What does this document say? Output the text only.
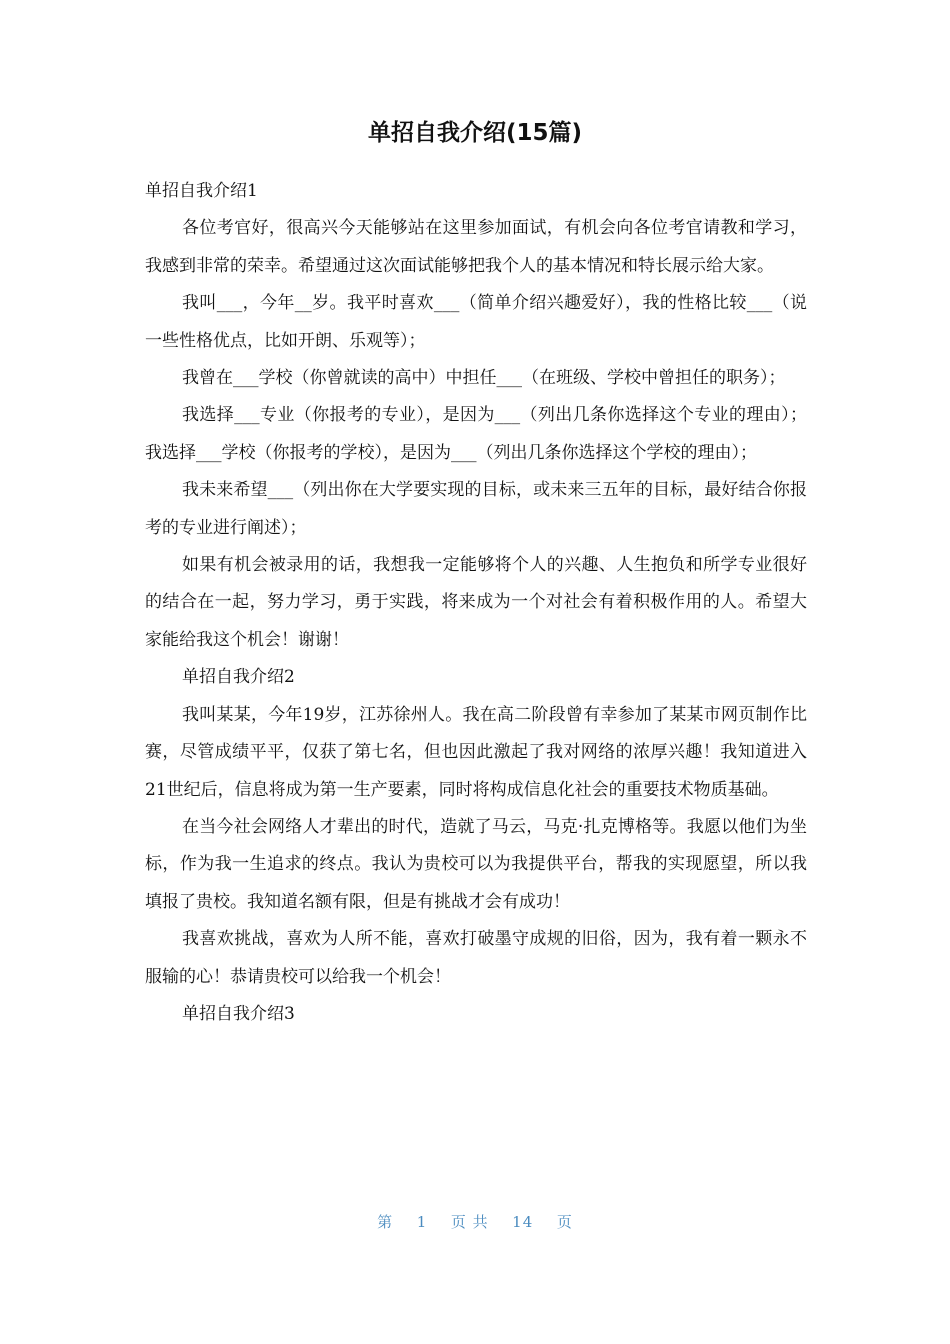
单招自我介绍(15篇)

单招自我介绍1

各位考官好，很高兴今天能够站在这里参加面试，有机会向各位考官请教和学习，我感到非常的荣幸。希望通过这次面试能够把我个人的基本情况和特长展示给大家。

我叫___，今年__岁。我平时喜欢___（简单介绍兴趣爱好），我的性格比较___（说一些性格优点，比如开朗、乐观等）；

我曾在___学校（你曾就读的高中）中担任___（在班级、学校中曾担任的职务）；

我选择___专业（你报考的专业），是因为___（列出几条你选择这个专业的理由）；我选择___学校（你报考的学校），是因为___（列出几条你选择这个学校的理由）；

我未来希望___（列出你在大学要实现的目标，或未来三五年的目标，最好结合你报考的专业进行阐述）；

如果有机会被录用的话，我想我一定能够将个人的兴趣、人生抱负和所学专业很好的结合在一起，努力学习，勇于实践，将来成为一个对社会有着积极作用的人。希望大家能给我这个机会！谢谢！

单招自我介绍2

我叫某某，今年19岁，江苏徐州人。我在高二阶段曾有幸参加了某某市网页制作比赛，尽管成绩平平，仅获了第七名，但也因此激起了我对网络的浓厚兴趣！我知道进入21世纪后，信息将成为第一生产要素，同时将构成信息化社会的重要技术物质基础。

在当今社会网络人才辈出的时代，造就了马云，马克·扎克博格等。我愿以他们为坐标，作为我一生追求的终点。我认为贵校可以为我提供平台，帮我的实现愿望，所以我填报了贵校。我知道名额有限，但是有挑战才会有成功！

我喜欢挑战，喜欢为人所不能，喜欢打破墨守成规的旧俗，因为，我有着一颗永不服输的心！恭请贵校可以给我一个机会！

单招自我介绍3

第 1 页 共 14 页
